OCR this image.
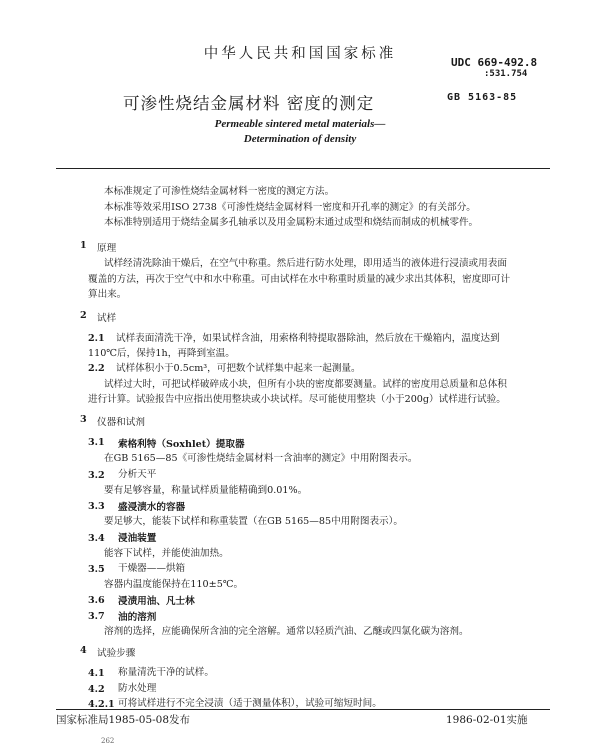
中华人民共和国国家标准
UDC 669-492.8
:531.754
可渗性烧结金属材料 密度的测定	GB 5163-85
Permeable sintered metal materials—
Determination of density
本标准规定了可渗性烧结金属材料一密度的测定方法。
本标准等效采用ISO 2738《可渗性烧结金属材料一密度和开孔率的测定》的有关部分。
本标准特别适用于烧结金属多孔轴承以及用金属粉末通过成型和烧结而制成的机械零件。
1 原理
试样经清洗除油干燥后，在空气中称重。然后进行防水处理，即用适当的液体进行浸渍或用表面
覆盖的方法，再次于空气中和水中称重。可由试样在水中称重时质量的减少求出其体积，密度即可计
算出来。
2 试样
2.1 试样表面清洗干净，如果试样含油，用索格利特提取器除油，然后放在干燥箱内，温度达到
110℃后，保持1h，再降到室温。
2.2 试样体积小于0.5cm³，可把数个试样集中起来一起测量。
试样过大时，可把试样破碎成小块，但所有小块的密度都要测量。试样的密度用总质量和总体积
进行计算。试验报告中应指出使用整块或小块试样。尽可能使用整块（小于200g）试样进行试验。
3 仪器和试剂
3.1 索格利特（Soxhlet）提取器
在GB 5165—85《可渗性烧结金属材料一含油率的测定》中用附图表示。
3.2 分析天平
要有足够容量，称量试样质量能精确到0.01%。
3.3 盛浸渍水的容器
要足够大，能装下试样和称重装置（在GB 5165—85中用附图表示）。
3.4 浸油装置
能容下试样，并能使油加热。
3.5 干燥器——烘箱
容器内温度能保持在110±5℃。
3.6 浸渍用油、凡士林
3.7 油的溶剂
溶剂的选择，应能确保所含油的完全溶解。通常以轻质汽油、乙醚或四氯化碳为溶剂。
4 试验步骤
4.1 称量清洗干净的试样。
4.2 防水处理
4.2.1 可将试样进行不完全浸渍（适于测量体积），试验可缩短时间。
国家标准局1985-05-08发布	1986-02-01实施
262
